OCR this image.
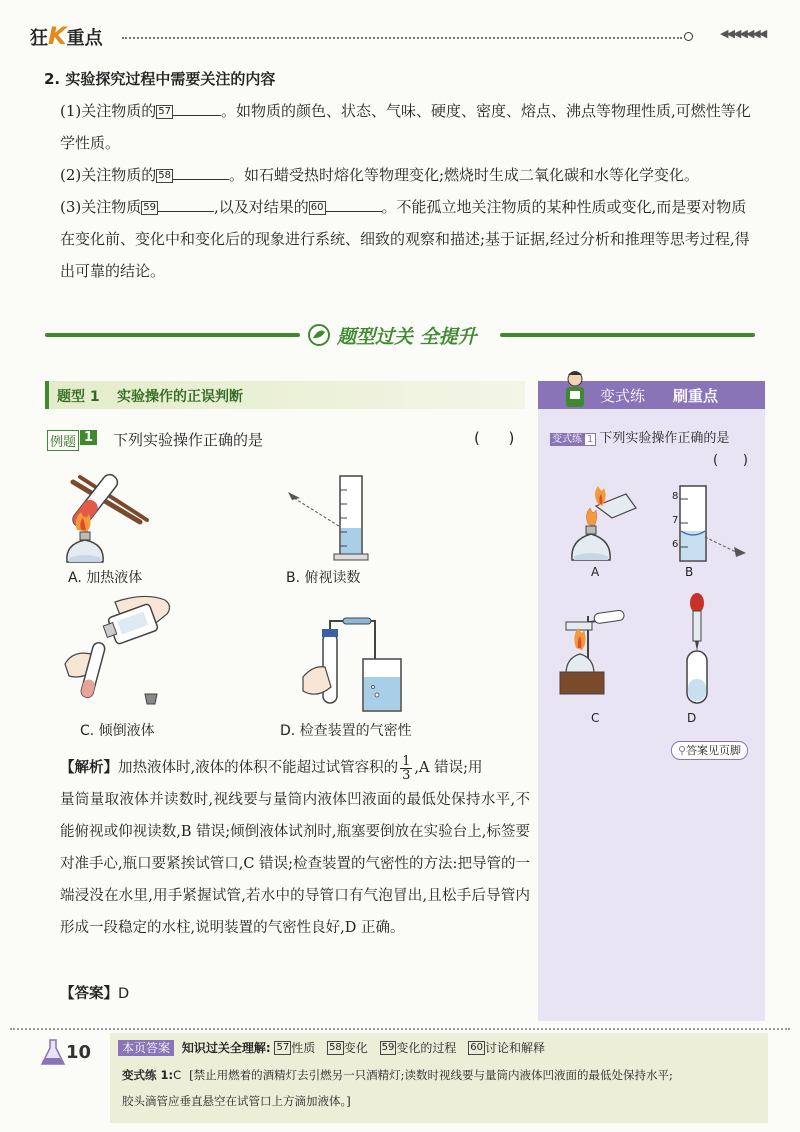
狂K重点	◀◀◀◀◀◀◀
2. 实验探究过程中需要关注的内容
(1)关注物质的 57	。如物质的颜色、状态、气味、硬度、密度、熔点、沸点等物理性质,可燃性等化学性质。
(2)关注物质的 58	。如石蜡受热时熔化等物理变化;燃烧时生成二氧化碳和水等化学变化。
(3)关注物质 59	,以及对结果的 60	。不能孤立地关注物质的某种性质或变化,而是要对物质在变化前、变化中和变化后的现象进行系统、细致的观察和描述;基于证据,经过分析和推理等思考过程,得出可靠的结论。
题型过关 全提升
题型 1 实验操作的正误判断
例题 1 下列实验操作正确的是	(      )
A. 加热液体	B. 俯视读数
C. 倾倒液体	D. 检查装置的气密性
【解析】加热液体时,液体的体积不能超过试管容积的 $\frac{1}{3} ,A$ 错误;用
量筒量取液体并读数时,视线要与量筒内液体凹液面的最低处保持水平,不能俯视或仰视读数,B 错误;倾倒液体试剂时,瓶塞要倒放在实验台上,标签要对准手心,瓶口要紧挨试管口,C 错误;检查装置的气密性的方法:把导管的一端浸没在水里,用手紧握试管,若水中的导管口有气泡冒出,且松手后导管内形成一段稳定的水柱,说明装置的气密性良好,D 正确。
【答案】D
变式练 刷重点
变式练 1 下列实验操作正确的是
(      )
A
8
7
6
B
C	D
⚲答案见页脚
10	本页答案 知识过关全理解: 57 性质 58 变化 59 变化的过程 60 讨论和解释
变式练 1:C [禁止用燃着的酒精灯去引燃另一只酒精灯;读数时视线要与量筒内液体凹液面的最低处保持水平;
胶头滴管应垂直悬空在试管口上方滴加液体。]
